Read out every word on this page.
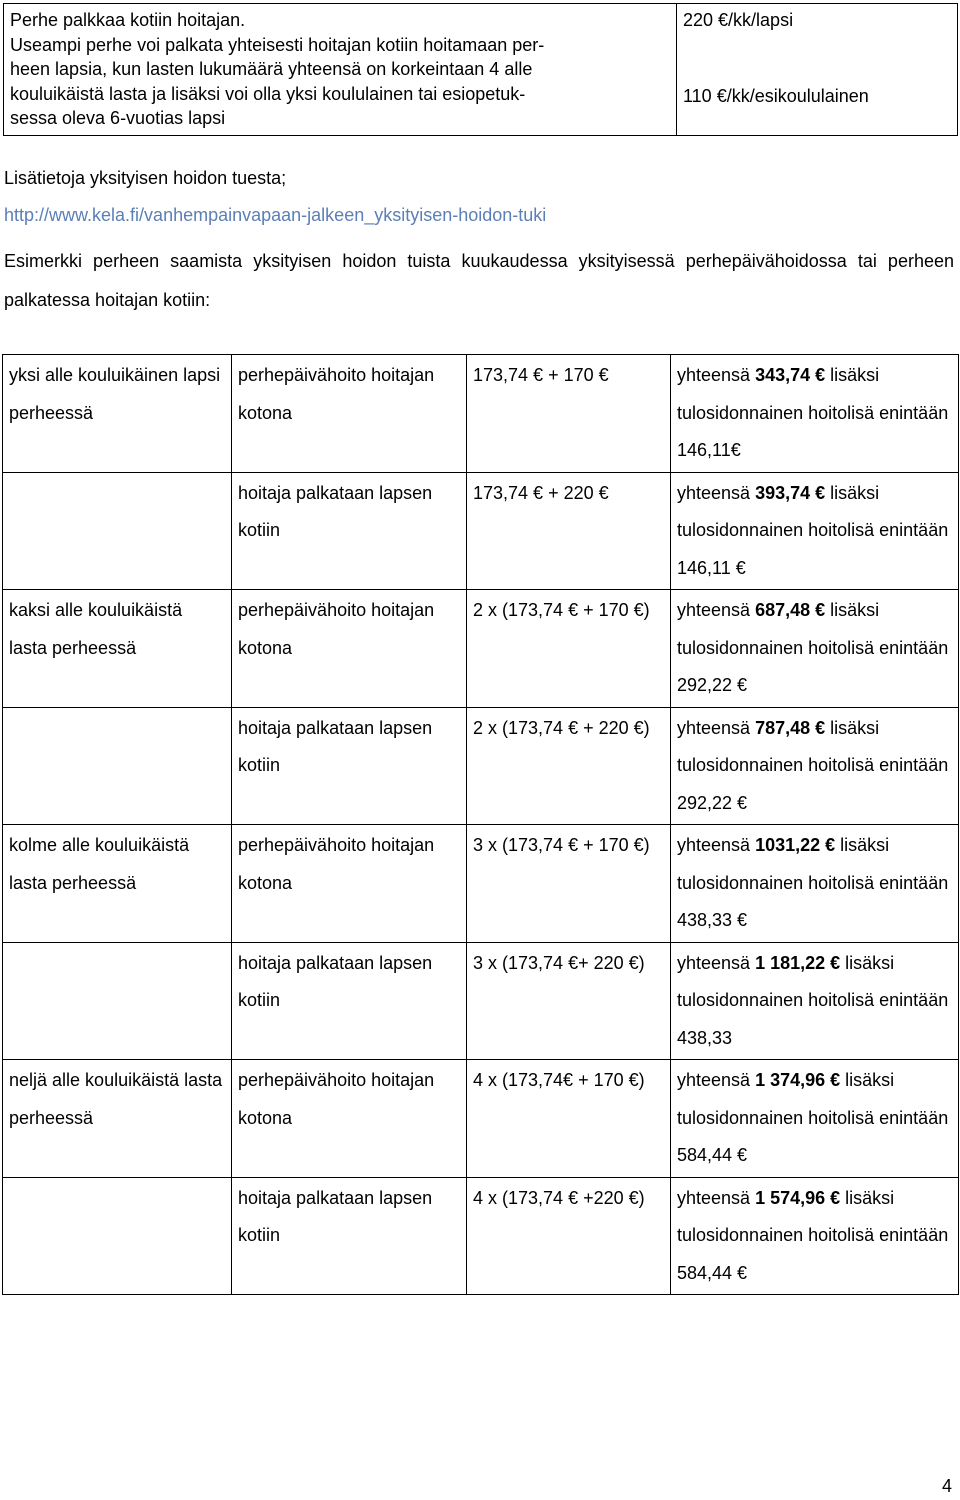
Perhe palkkaa kotiin hoitajan.
Useampi perhe voi palkata yhteisesti hoitajan kotiin hoitamaan per-
heen lapsia, kun lasten lukumäärä yhteensä on korkeintaan 4 alle
kouluikäistä lasta ja lisäksi voi olla yksi koululainen tai esiopetuk-
sessa oleva 6-vuotias lapsi

220 €/kk/lapsi
110 €/kk/esikoululainen
Lisätietoja yksityisen hoidon tuesta;
http://www.kela.fi/vanhempainvapaan-jalkeen_yksityisen-hoidon-tuki
Esimerkki perheen saamista yksityisen hoidon tuista kuukaudessa yksityisessä perhepäivähoidossa tai perheen palkatessa hoitajan kotiin:
yksi alle kouluikäinen lapsi perheessä	perhepäivähoito hoitajan kotona	173,74 € + 170 €	yhteensä 343,74 € lisäksi tulosidonnainen hoitolisä enintään 146,11€
	hoitaja palkataan lapsen kotiin	173,74 € + 220 €	yhteensä 393,74 € lisäksi tulosidonnainen hoitolisä enintään 146,11 €
kaksi alle kouluikäistä lasta perheessä	perhepäivähoito hoitajan kotona	2 x (173,74 € + 170 €)	yhteensä 687,48 € lisäksi tulosidonnainen hoitolisä enintään 292,22 €
	hoitaja palkataan lapsen kotiin	2 x (173,74 € + 220 €)	yhteensä 787,48 € lisäksi tulosidonnainen hoitolisä enintään 292,22 €
kolme alle kouluikäistä lasta perheessä	perhepäivähoito hoitajan kotona	3 x (173,74 € + 170 €)	yhteensä 1031,22 € lisäksi tulosidonnainen hoitolisä enintään 438,33 €
	hoitaja palkataan lapsen kotiin	3 x (173,74 €+ 220 €)	yhteensä 1 181,22 € lisäksi tulosidonnainen hoitolisä enintään 438,33
neljä alle kouluikäistä lasta perheessä	perhepäivähoito hoitajan kotona	4 x (173,74€ + 170 €)	yhteensä 1 374,96 € lisäksi tulosidonnainen hoitolisä enintään 584,44 €
	hoitaja palkataan lapsen kotiin	4 x (173,74 € +220 €)	yhteensä 1 574,96 € lisäksi tulosidonnainen hoitolisä enintään 584,44 €
4
